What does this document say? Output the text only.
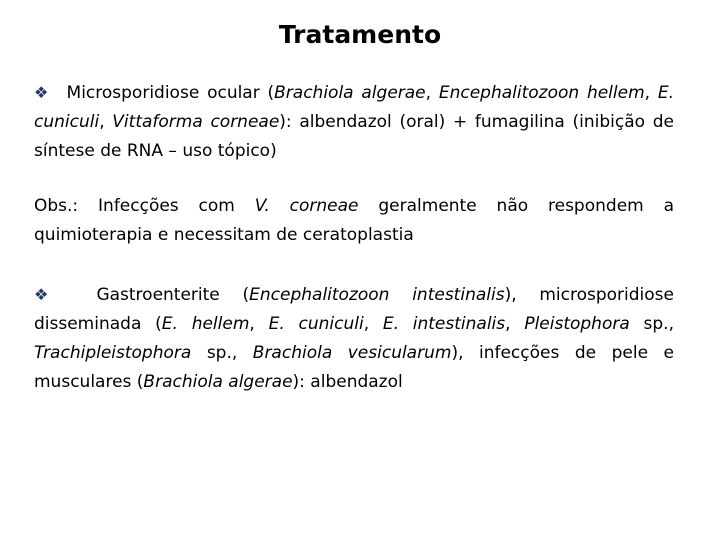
Tratamento

❖ Microsporidiose ocular (Brachiola algerae, Encephalitozoon hellem, E. cuniculi, Vittaforma corneae): albendazol (oral) + fumagilina (inibição de síntese de RNA – uso tópico)

Obs.: Infecções com V. corneae geralmente não respondem a quimioterapia e necessitam de ceratoplastia

❖ Gastroenterite (Encephalitozoon intestinalis), microsporidiose disseminada (E. hellem, E. cuniculi, E. intestinalis, Pleistophora sp., Trachipleistophora sp., Brachiola vesicularum), infecções de pele e musculares (Brachiola algerae): albendazol
